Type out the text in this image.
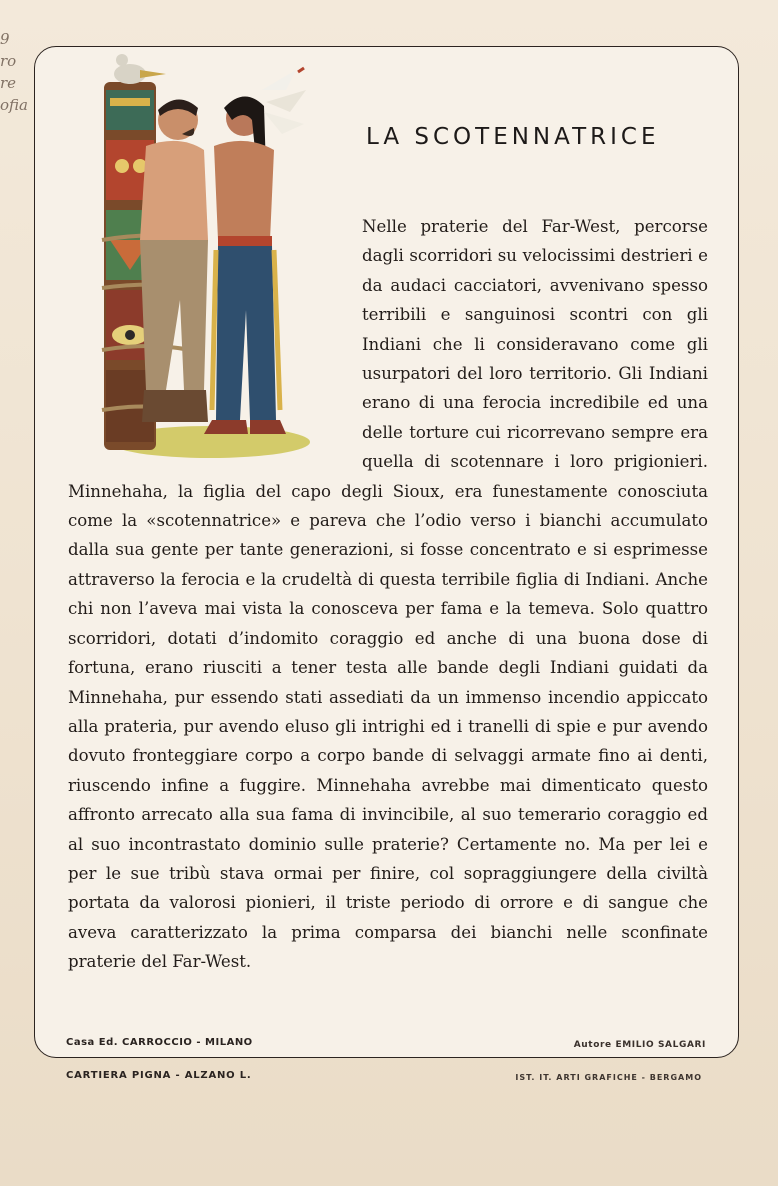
9
ro
re
ofia
LA SCOTENNATRICE
Nelle praterie del Far-West, percorse dagli scorridori su velocissimi destrieri e da audaci cacciatori, avvenivano spesso terribili e sanguinosi scontri con gli Indiani che li consideravano come gli usurpatori del loro territorio. Gli Indiani erano di una ferocia incredibile ed una delle torture cui ricorrevano sempre era quella di scotennare i loro prigionieri. Minnehaha, la figlia del capo degli Sioux, era funestamente conosciuta come la «scotennatrice» e pareva che l’odio verso i bianchi accumulato dalla sua gente per tante generazioni, si fosse concentrato e si esprimesse attraverso la ferocia e la crudeltà di questa terribile figlia di Indiani. Anche chi non l’aveva mai vista la conosceva per fama e la temeva. Solo quattro scorridori, dotati d’indomito coraggio ed anche di una buona dose di fortuna, erano riusciti a tener testa alle bande degli Indiani guidati da Minnehaha, pur essendo stati assediati da un immenso incendio appiccato alla prateria, pur avendo eluso gli intrighi ed i tranelli di spie e pur avendo dovuto fronteggiare corpo a corpo bande di selvaggi armate fino ai denti, riuscendo infine a fuggire. Minnehaha avrebbe mai dimenticato questo affronto arrecato alla sua fama di invincibile, al suo temerario coraggio ed al suo incontrastato dominio sulle praterie? Certamente no. Ma per lei e per le sue tribù stava ormai per finire, col sopraggiungere della civiltà portata da valorosi pionieri, il triste periodo di orrore e di sangue che aveva caratterizzato la prima comparsa dei bianchi nelle sconfinate praterie del Far-West.
Casa Ed. CARROCCIO - MILANO	Autore EMILIO SALGARI
CARTIERA PIGNA - ALZANO L.	IST. IT. ARTI GRAFICHE - BERGAMO
